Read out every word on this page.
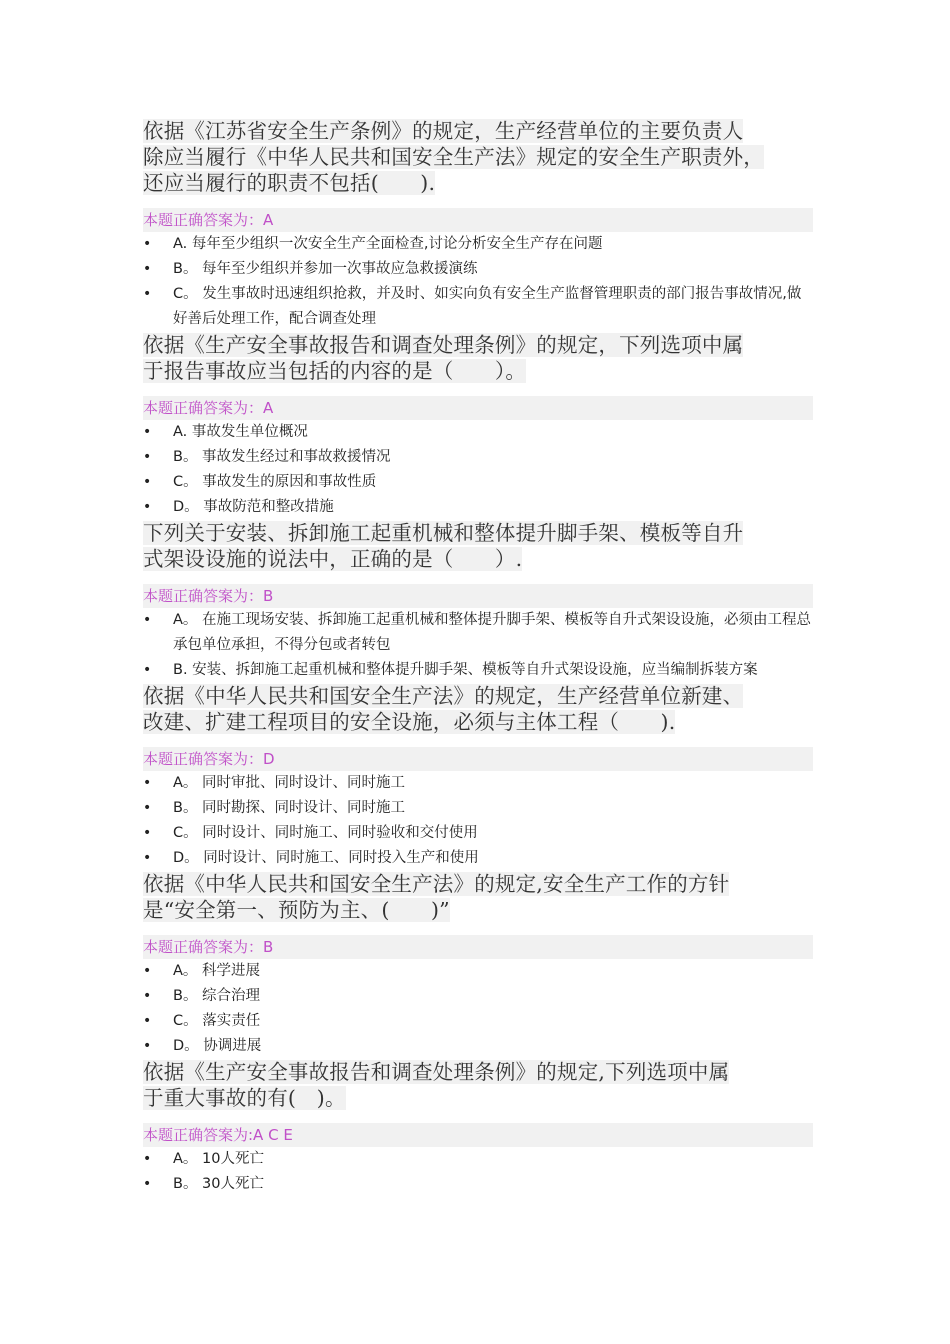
依据《江苏省安全生产条例》的规定，生产经营单位的主要负责人
除应当履行《中华人民共和国安全生产法》规定的安全生产职责外，
还应当履行的职责不包括(　　).

本题正确答案为：A
• A. 每年至少组织一次安全生产全面检查,讨论分析安全生产存在问题
• B。 每年至少组织并参加一次事故应急救援演练
• C。 发生事故时迅速组织抢救，并及时、如实向负有安全生产监督管理职责的部门报告事故情况,做好善后处理工作，配合调查处理

依据《生产安全事故报告和调查处理条例》的规定，下列选项中属
于报告事故应当包括的内容的是（　　）。

本题正确答案为：A
• A. 事故发生单位概况
• B。 事故发生经过和事故救援情况
• C。 事故发生的原因和事故性质
• D。 事故防范和整改措施

下列关于安装、拆卸施工起重机械和整体提升脚手架、模板等自升
式架设设施的说法中，正确的是（　　）.

本题正确答案为：B
• A。 在施工现场安装、拆卸施工起重机械和整体提升脚手架、模板等自升式架设设施，必须由工程总承包单位承担，不得分包或者转包
• B. 安装、拆卸施工起重机械和整体提升脚手架、模板等自升式架设设施，应当编制拆装方案

依据《中华人民共和国安全生产法》的规定，生产经营单位新建、
改建、扩建工程项目的安全设施，必须与主体工程（　　).

本题正确答案为：D
• A。 同时审批、同时设计、同时施工
• B。 同时勘探、同时设计、同时施工
• C。 同时设计、同时施工、同时验收和交付使用
• D。 同时设计、同时施工、同时投入生产和使用

依据《中华人民共和国安全生产法》的规定,安全生产工作的方针
是“安全第一、预防为主、(　　)”

本题正确答案为：B
• A。 科学进展
• B。 综合治理
• C。 落实责任
• D。 协调进展

依据《生产安全事故报告和调查处理条例》的规定,下列选项中属
于重大事故的有(　)。

本题正确答案为:A C E
• A。 10人死亡
• B。 30人死亡
